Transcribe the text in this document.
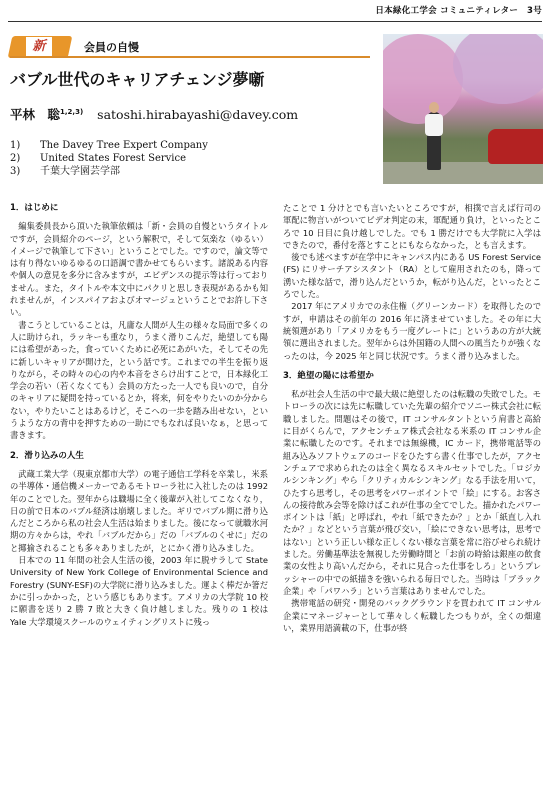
日本緑化工学会 コミュニティレター　3号
新	会員の自慢
バブル世代のキャリアチェンジ夢噺
平林　聡$^{1,2,3)}$ satoshi.hirabayashi@davey.com
1)	The Davey Tree Expert Company
2)	United States Forest Service
3)	千葉大学園芸学部
1．はじめに

編集委員長から頂いた執筆依頼は「新・会員の自慢というタイトルですが，会員紹介のページ，という解釈で，そして気楽な（ゆるい）イメージで執筆して下さい」ということでした。ですので，論文等では有り得ないゆるゆるの口語調で書かせてもらいます。諸説ある内容や個人の意見を多分に含みますが，エビデンスの提示等は行っておりません。また，タイトルや本文中にパクリと思しき表現があるかも知れませんが，インスパイアおよびオマージュということでお許し下さい。

書こうとしていることは，凡庸な人間が人生の様々な局面で多くの人に助けられ，ラッキーも重なり，うまく滑りこんだ，絶望しても陽には希望があった，食っていくために必死にあがいた，そしてその先に新しいキャリアが開けた，という話です。これまでの半生を振り返りながら，その時々の心の内や本音をさらけ出すことで，日本緑化工学会の若い（若くなくても）会員の方たった一人でも良いので，自分のキャリアに疑問を持っているとか，将来，何をやりたいのか分からない，やりたいことはあるけど，そこへの一歩を踏み出せない，というような方の背中を押すための一助にでもなれば良いなぁ，と思って書きます。

2．滑り込みの人生

武蔵工業大学（現東京都市大学）の電子通信工学科を卒業し，米系の半導体・通信機メーカーであるモトローラ社に入社したのは 1992 年のことでした。翌年からは職場に全く後輩が入社してこなくなり，日の前で日本のバブル経済は崩壊しました。ギリでバブル期に滑り込んだところから私の社会人生活は始まりました。後になって就職氷河期の方々からは，やれ「バブルだから」だの「バブルのくせに」だのと揶揄されることも多々ありましたが，とにかく滑り込みました。

日本での 11 年間の社会人生活の後，2003 年に脱サラして State University of New York College of Environmental Science and Forestry (SUNY-ESF)の大学院に滑り込みました。運よく棒だか箸だかに引っかかった，という感じもあります。アメリカの大学院 10 校に願書を送り 2 勝 7 敗と大きく負け越しました。残りの 1 校は Yale 大学環境スクールのウェイティングリストに残っ

たことで 1 分けとでも言いたいところですが，相撲で言えば行司の軍配に物言いがついてビデオ判定の末，軍配通り負け，といったところで 10 日目に負け越しでした。でも 1 勝だけでも大学院に入学はできたので，番付を落とすことにもならなかった，とも言えます。

後でも述べますが在学中にキャンパス内にある US Forest Service (FS) にリサーチアシスタント（RA）として雇用されたのも，降って湧いた様な話で，滑り込んだというか，転がり込んだ，といったところでした。

2017 年にアメリカでの永住権（グリーンカード）を取得したのですが，申請はその前年の 2016 年に済ませていました。その年に大統領選があり「アメリカをもう一度グレートに」というあの方が大統領に選出されました。翌年からは外国籍の人間への風当たりが強くなったのは，今 2025 年と同じ状況です。うまく滑り込みました。

3．絶望の陽には希望か

私が社会人生活の中で最大級に絶望したのは転職の失敗でした。モトローラの次には先に転職していた先輩の紹介でソニー株式会社に転職しました。問題はその後で，IT コンサルタントという肩書と高給に目がくらんで，アクセンチュア株式会社なる米系の IT コンサル企業に転職したのです。それまでは無線機，IC カード，携帯電話等の組み込みソフトウェアのコードをひたすら書く仕事でしたが，アクセンチュアで求められたのは全く異なるスキルセットでした。「ロジカルシンキング」やら「クリティカルシンキング」なる手法を用いて，ひたすら思考し，その思考をパワーポイントで「絵」にする。お客さんの接待飲み会等を除けばこれが仕事の全てでした。描かれたパワーポイントは「紙」と呼ばれ，やれ「紙できたか？」とか「紙直し入れたか？」などという言葉が飛び交い，「絵にできない思考は，思考ではない」という正しい様な正しくない様な言葉を常に浴びせられ続けました。労働基準法を無視した労働時間と「お前の時給は銀座の飲食業の女性より高いんだから，それに見合った仕事をしろ」というプレッシャーの中での紙描きを強いられる毎日でした。当時は「ブラック企業」や「パワハラ」という言葉はありませんでした。

携帯電話の研究・開発のバックグラウンドを買われて IT コンサル企業にマネージャーとして華々しく転職したつもりが，全くの畑違い，業界用語満載の下，仕事が終
